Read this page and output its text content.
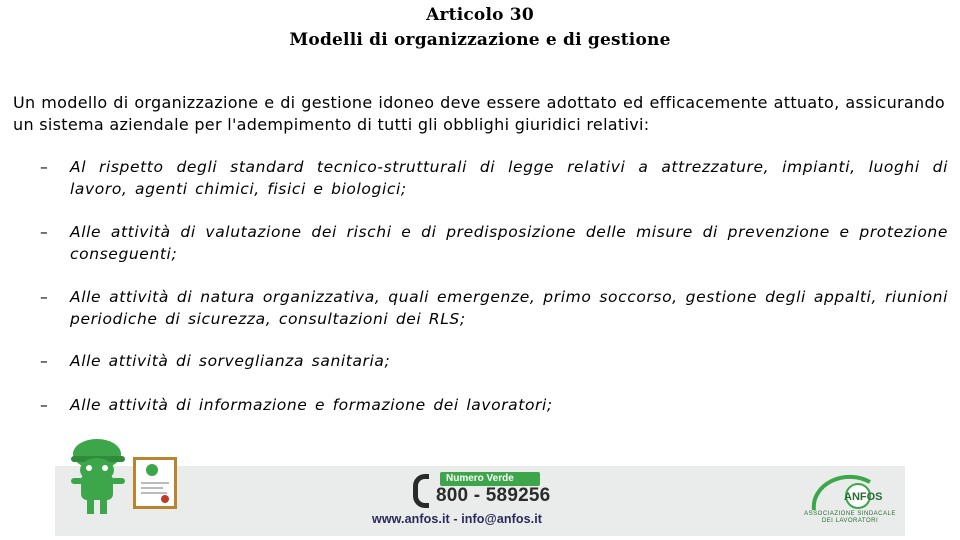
Articolo 30
Modelli di organizzazione e di gestione
Un modello di organizzazione e di gestione idoneo deve essere adottato ed efficacemente attuato, assicurando un sistema aziendale per l'adempimento di tutti gli obblighi giuridici relativi:
–	Al rispetto degli standard tecnico-strutturali di legge relativi a attrezzature, impianti, luoghi di lavoro, agenti chimici, fisici e biologici;
–	Alle attività di valutazione dei rischi e di predisposizione delle misure di prevenzione e protezione conseguenti;
–	Alle attività di natura organizzativa, quali emergenze, primo soccorso, gestione degli appalti, riunioni periodiche di sicurezza, consultazioni dei RLS;
–	Alle attività di sorveglianza sanitaria;
–	Alle attività di informazione e formazione dei lavoratori;
Numero Verde
800 - 589256
www.anfos.it - info@anfos.it
ANFOS
ASSOCIAZIONE SINDACALE DEI LAVORATORI
